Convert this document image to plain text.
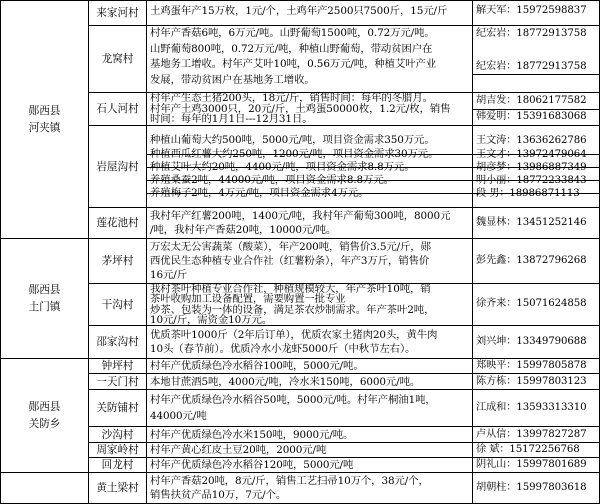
郧西县
河夹镇
郧西县
土门镇
郧西县
关防乡
来家河村
龙窝村
石人河村
岩屋沟村
莲花池村
茅坪村
干沟村
邵家沟村
钟坪村
一天门村
关防铺村
沙沟村
周家岭村
回龙村
黄土梁村
土鸡蛋年产15万枚，1元/个，土鸡年产2500只7500斤，15元/斤
村年产香菇6吨，6万元/吨。山野葡萄1500吨，0.72万元/吨。
山野葡萄800吨，0.72万元/吨，种植山野葡萄，带动贫困户在
基地务工增收。村年产艾叶10吨，0.56万元/吨，种植艾叶产业
发展，带动贫困户在基地务工增收。
村年产生态土猪200头，18元/斤，销售时间：每年的冬腊月。
村年产土鸡3000只，20元/斤，土鸡蛋50000枚，1.2元/枚，销售
时间：每年的1月1日---12月31日。
种植山葡萄大约500吨，5000元/吨，项目资金需求350万元。
种植西瓜红薯大约250吨，1200元/吨，项目资金需求30万元。
种植艾叶大约20吨，4400元/吨，项目资金需求8.8万元。
养殖桑蚕2吨，44000元/吨，项目资金需求8.8万元。
养殖梅子2吨，4万元/吨，项目资金需求4万元。
我村年产红薯200吨，1400元/吨，我村年产葡萄300吨，8000元
/吨，我村年产香菇20吨，10000元/吨。
万宏太无公害蔬菜（酸菜），年产200吨，销售价3.5元/斤，郧
西优民生态种植专业合作社（红薯粉条），年产3万斤，销售价
16元/斤
我村茶叶种植专业合作社，种植规模较大，年产茶叶10吨，销
茶叶收购加工设备配置，需要购置一批专业
炒茶、包装为一体的设备，满足茶农炒制需求。年产茶叶2吨，
10元/斤，需资金10万元。
优质茶叶1000斤（2年后订单），优质农家土猪肉20头，黄牛肉
10头（春节前）。优质冷水小龙虾5000斤（中秋节左右）。
村年产优质绿色冷水稻谷100吨，5000元/吨。
本地甘蔗酒5吨，4000元/吨，冷水米150吨，6000元/吨。
村年产优质绿色冷水稻谷50吨，5000元/吨。村年产桐油1吨，
44000元/吨
村年产优质绿色冷水米150吨，9000元/吨。
村年产黄心红皮土豆20吨，2000元/吨
村年产优质绿色冷水稻谷120吨，5000元/吨
村年产香菇20吨，8元/斤，销售工艺扫帚10万个，38元/个，
销售扶贫产品10万，7元/个。
解天军：15972598837
纪宏岩：18772913758
纪宏岩：18772913758
胡吉发：18062177582
韩爱明：15391683068
王文涛：13636262786
王文才：13972479064
胡彦梦：13986887349
明小丽：18772233843
段 男：18986871113
魏显林：13451252146
彭先鑫：13872796268
徐齐来：15071624858
刘兴坤：13349790688
郑映平：15997805878
陈方栋：15997803123
江成和：13593313310
卢从信：13997827287
徐 斌：15172256768
阴礼山：15997801689
胡朝柱：15997803618
